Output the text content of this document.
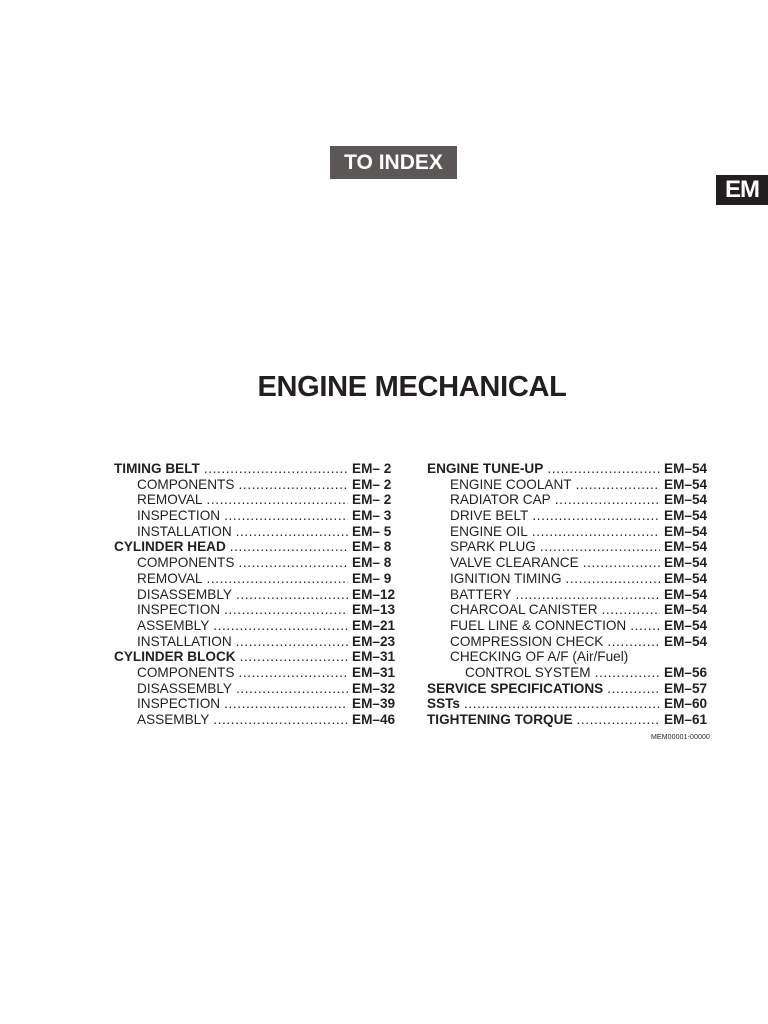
TO INDEX
EM
ENGINE MECHANICAL
TIMING BELT .....	EM– 2
COMPONENTS .....	EM– 2
REMOVAL .....	EM– 2
INSPECTION .....	EM– 3
INSTALLATION .....	EM– 5
CYLINDER HEAD .....	EM– 8
COMPONENTS .....	EM– 8
REMOVAL .....	EM– 9
DISASSEMBLY .....	EM–12
INSPECTION .....	EM–13
ASSEMBLY .....	EM–21
INSTALLATION .....	EM–23
CYLINDER BLOCK .....	EM–31
COMPONENTS .....	EM–31
DISASSEMBLY .....	EM–32
INSPECTION .....	EM–39
ASSEMBLY .....	EM–46
ENGINE TUNE-UP .....	EM–54
ENGINE COOLANT .....	EM–54
RADIATOR CAP .....	EM–54
DRIVE BELT .....	EM–54
ENGINE OIL .....	EM–54
SPARK PLUG .....	EM–54
VALVE CLEARANCE .....	EM–54
IGNITION TIMING .....	EM–54
BATTERY .....	EM–54
CHARCOAL CANISTER .....	EM–54
FUEL LINE & CONNECTION .....	EM–54
COMPRESSION CHECK .....	EM–54
CHECKING OF A/F (Air/Fuel)
CONTROL SYSTEM .....	EM–56
SERVICE SPECIFICATIONS .....	EM–57
SSTs .....	EM–60
TIGHTENING TORQUE .....	EM–61
MEM00001-00000
